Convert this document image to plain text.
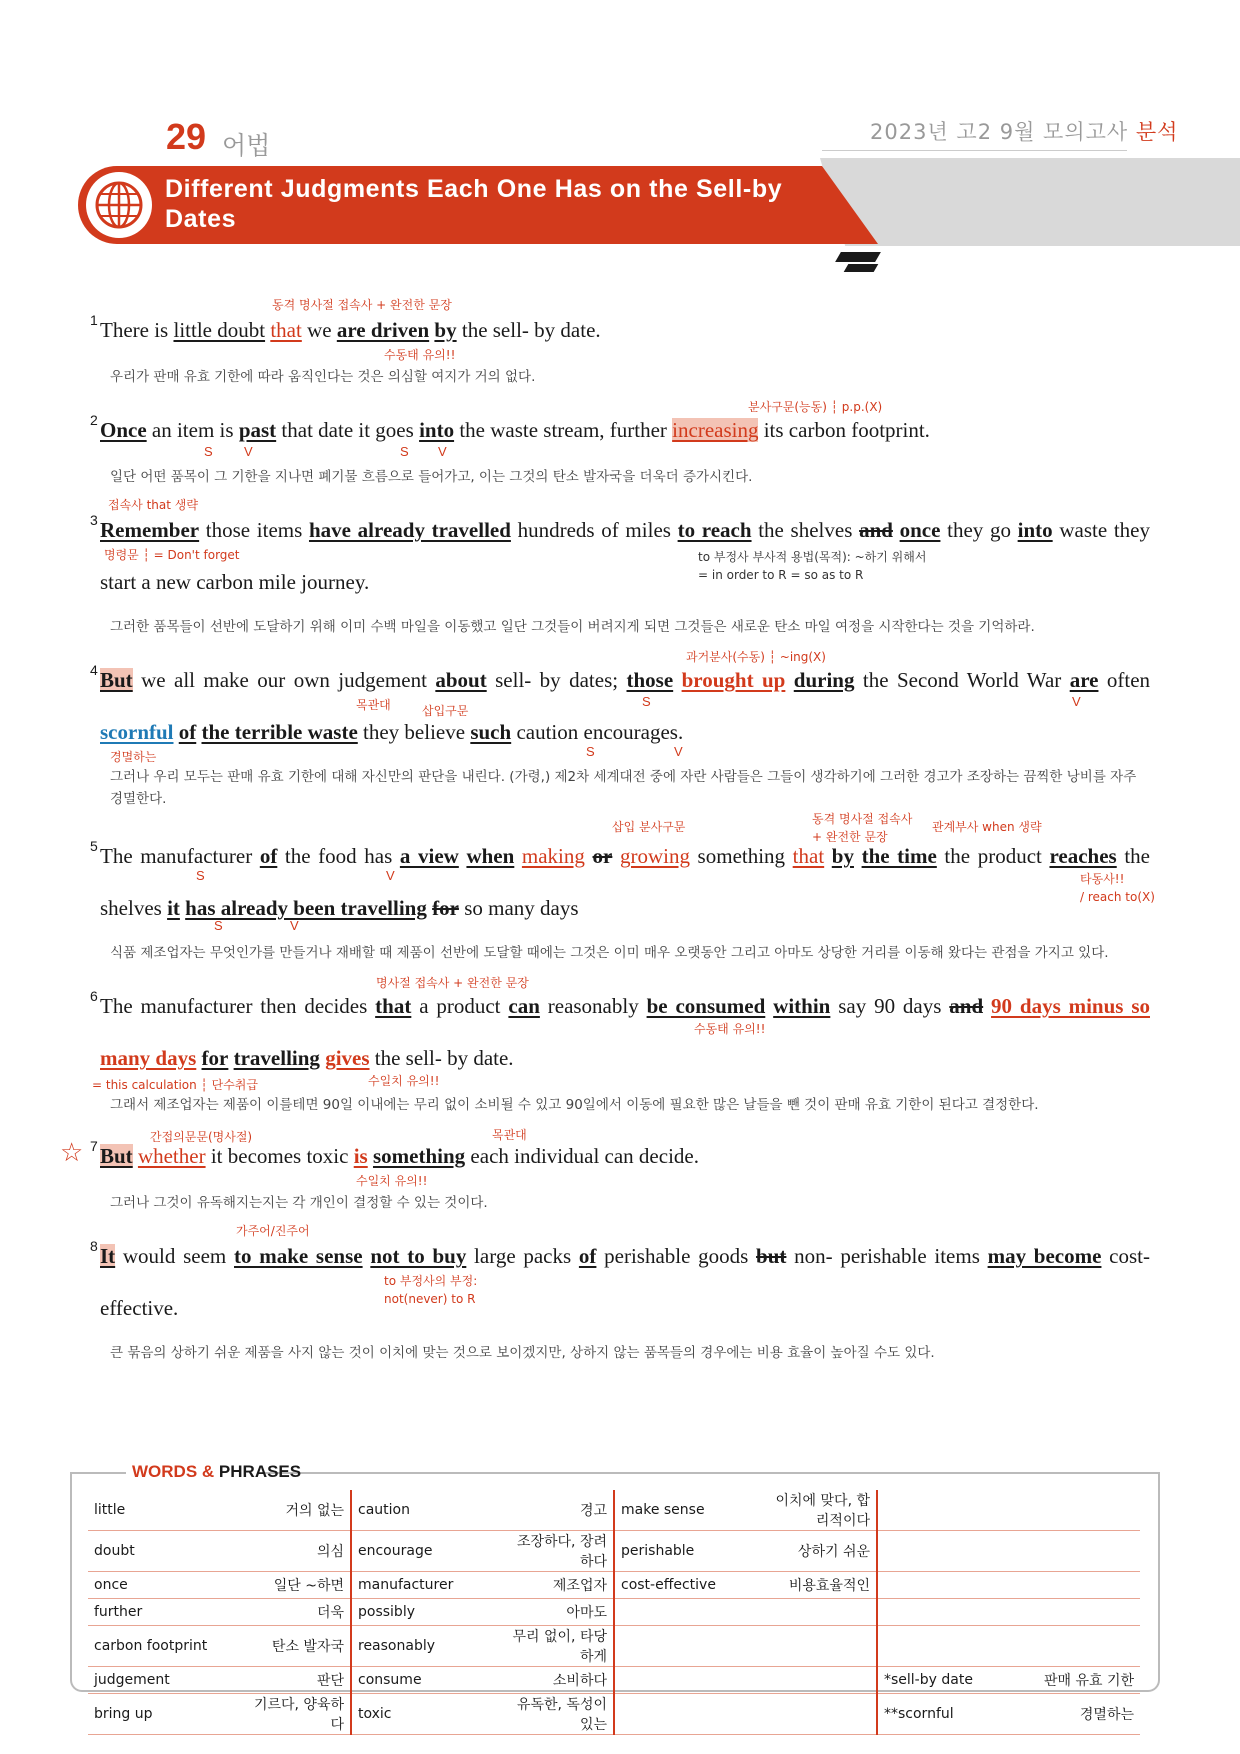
29 어법	2023년 고2 9월 모의고사 분석
Different Judgments Each One Has on the Sell-by Dates
동격 명사절 접속사 + 완전한 문장
1 There is little doubt that we are driven by the sell- by date.
수동태 유의!!
우리가 판매 유효 기한에 따라 움직인다는 것은 의심할 여지가 거의 없다.
분사구문(능동) ┆ p.p.(X)
2 Once an item is past that date it goes into the waste stream, further increasing its carbon footprint.
S V	S V
일단 어떤 품목이 그 기한을 지나면 폐기물 흐름으로 들어가고, 이는 그것의 탄소 발자국을 더욱더 증가시킨다.
접속사 that 생략
3 Remember those items have already travelled hundreds of miles to reach the shelves and once they go into waste they start a new carbon mile journey.
명령문 ┆ = Don't forget	to 부정사 부사적 용법(목적): ~하기 위해서
= in order to R = so as to R
그러한 품목들이 선반에 도달하기 위해 이미 수백 마일을 이동했고 일단 그것들이 버려지게 되면 그것들은 새로운 탄소 마일 여정을 시작한다는 것을 기억하라.
과거분사(수동) ┆ ~ing(X)
4 But we all make our own judgement about sell- by dates; those brought up during the Second World War are often scornful of the terrible waste they believe such caution encourages.
S	V
목관대	삽입구문
S	V
경멸하는
그러나 우리 모두는 판매 유효 기한에 대해 자신만의 판단을 내린다. (가령,) 제2차 세계대전 중에 자란 사람들은 그들이 생각하기에 그러한 경고가 조장하는 끔찍한 낭비를 자주 경멸한다.
삽입 분사구문
동격 명사절 접속사
+ 완전한 문장
관계부사 when 생략
5 The manufacturer of the food has a view when making or growing something that by the time the product reaches the shelves it has already been travelling for so many days
S	V	타동사!!
/ reach to(X)
S	V
식품 제조업자는 무엇인가를 만들거나 재배할 때 제품이 선반에 도달할 때에는 그것은 이미 매우 오랫동안 그리고 아마도 상당한 거리를 이동해 왔다는 관점을 가지고 있다.
명사절 접속사 + 완전한 문장
6 The manufacturer then decides that a product can reasonably be consumed within say 90 days and 90 days minus so many days for travelling gives the sell- by date.
수동태 유의!!
= this calculation ┆ 단수취급	수일치 유의!!
그래서 제조업자는 제품이 이를테면 90일 이내에는 무리 없이 소비될 수 있고 90일에서 이동에 필요한 많은 날들을 뺀 것이 판매 유효 기한이 된다고 결정한다.
간접의문문(명사절)	목관대
☆ 7 But whether it becomes toxic is something each individual can decide.
수일치 유의!!
그러나 그것이 유독해지는지는 각 개인이 결정할 수 있는 것이다.
가주어/진주어
8 It would seem to make sense not to buy large packs of perishable goods but non- perishable items may become cost- effective.
to 부정사의 부정:
not(never) to R
큰 묶음의 상하기 쉬운 제품을 사지 않는 것이 이치에 맞는 것으로 보이겠지만, 상하지 않는 품목들의 경우에는 비용 효율이 높아질 수도 있다.
WORDS & PHRASES
little	거의 없는	caution	경고	make sense	이치에 맞다, 합리적이다		
doubt	의심	encourage	조장하다, 장려하다	perishable	상하기 쉬운		
once	일단 ~하면	manufacturer	제조업자	cost-effective	비용효율적인		
further	더욱	possibly	아마도				
carbon footprint	탄소 발자국	reasonably	무리 없이, 타당하게				
judgement	판단	consume	소비하다			*sell-by date	판매 유효 기한
bring up	기르다, 양육하다	toxic	유독한, 독성이 있는			**scornful	경멸하는
